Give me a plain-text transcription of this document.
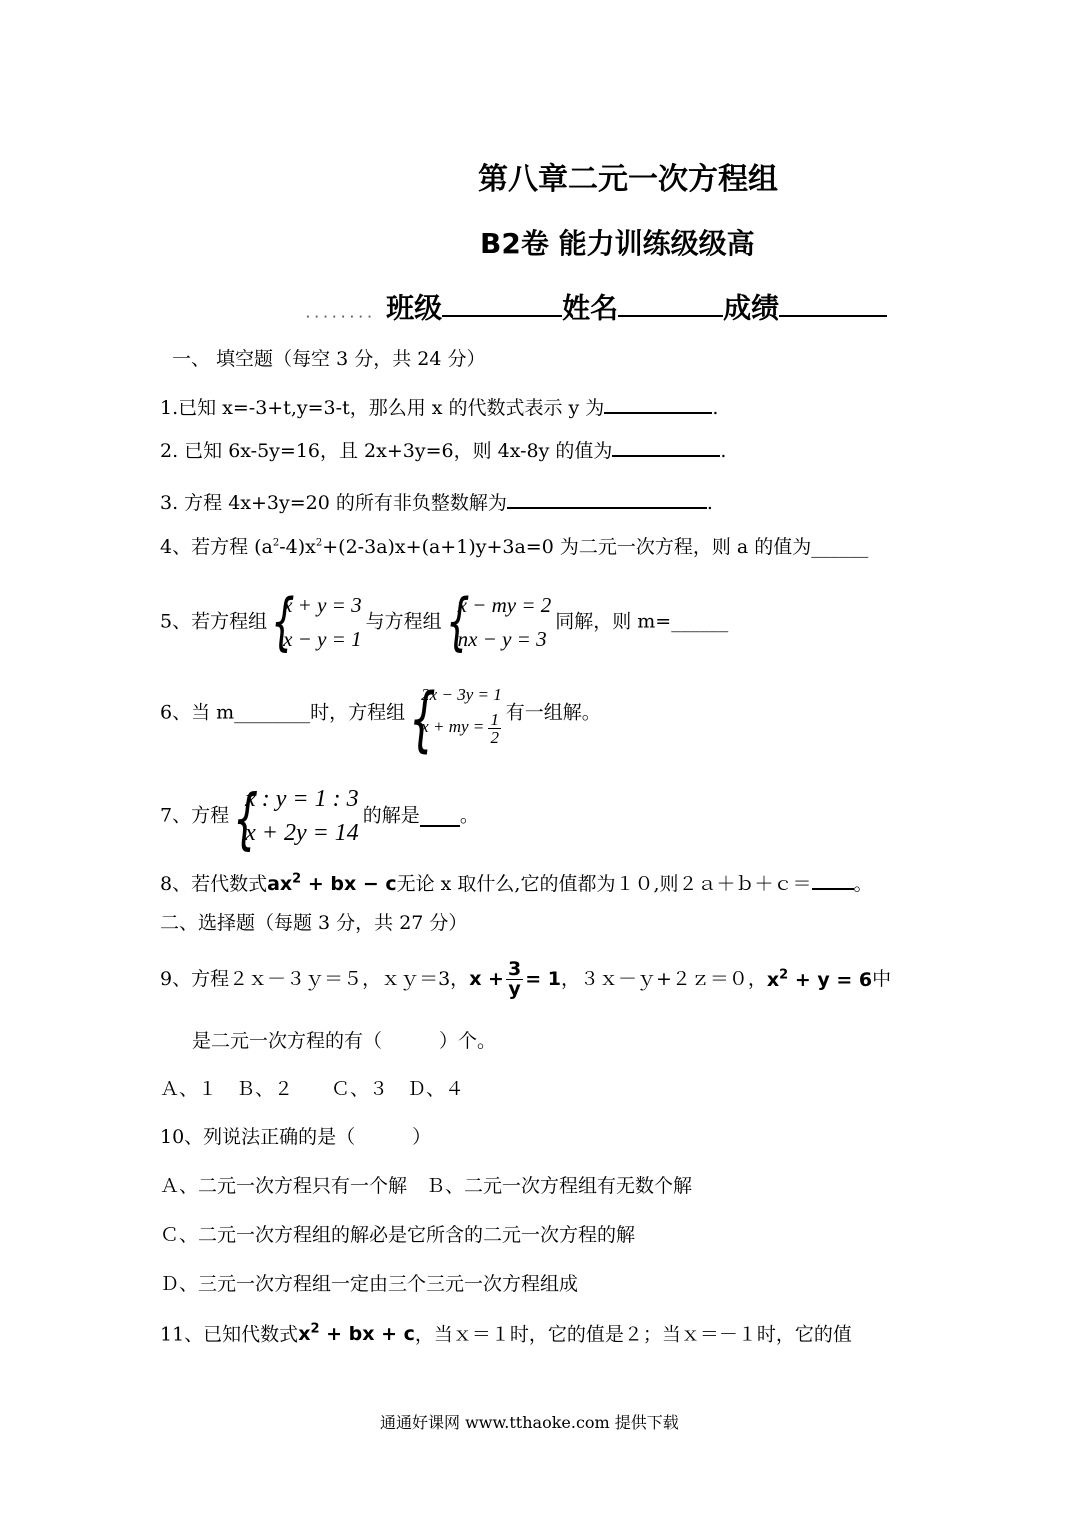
第八章二元一次方程组
B2卷 能力训练级级高
........ 班级	姓名	成绩
一、 填空题（每空 3 分，共 24 分）
1.已知 x=-3+t,y=3-t，那么用 x 的代数式表示 y 为	.
2. 已知 6x-5y=16，且 2x+3y=6，则 4x-8y 的值为	.
3. 方程 4x+3y=20 的所有非负整数解为	.
4、若方程 $(a^2-4)x^2+(2-3a)x+(a+1)y+3a=0$ 为二元一次方程，则 a 的值为______
5、若方程组 {
x + y = 3
x − y = 1
与方程组 {
x − my = 2
nx − y = 3
同解，则 m=______
6、当 m________时，方程组 {
2x − 3y = 1
x + my = $\frac{1}{2}$ 有一组解。
7、方程 {
x : y = 1 : 3
x + 2y = 14
的解是 。
8、若代数式$ax^2$ + bx − c无论 x 取什么,它的值都为１０,则２ａ＋ｂ＋ｃ＝ 。
二、选择题（每题 3 分，共 27 分）
9、方程２ｘ－３ｙ＝５，ｘｙ＝3，$x + \frac{3}{y} = 1$，３ｘ－ｙ+２ｚ＝０，$x^2 + y = 6$中
是二元一次方程的有（　　　）个。
Ａ、１　Ｂ、２　　Ｃ、３　Ｄ、４
10、列说法正确的是（　　　）
Ａ、二元一次方程只有一个解　Ｂ、二元一次方程组有无数个解
Ｃ、二元一次方程组的解必是它所含的二元一次方程的解
Ｄ、三元一次方程组一定由三个三元一次方程组成
11、已知代数式$x^2$ + bx + c，当ｘ＝１时，它的值是２；当ｘ＝－１时，它的值
通通好课网 www.tthaoke.com 提供下载
